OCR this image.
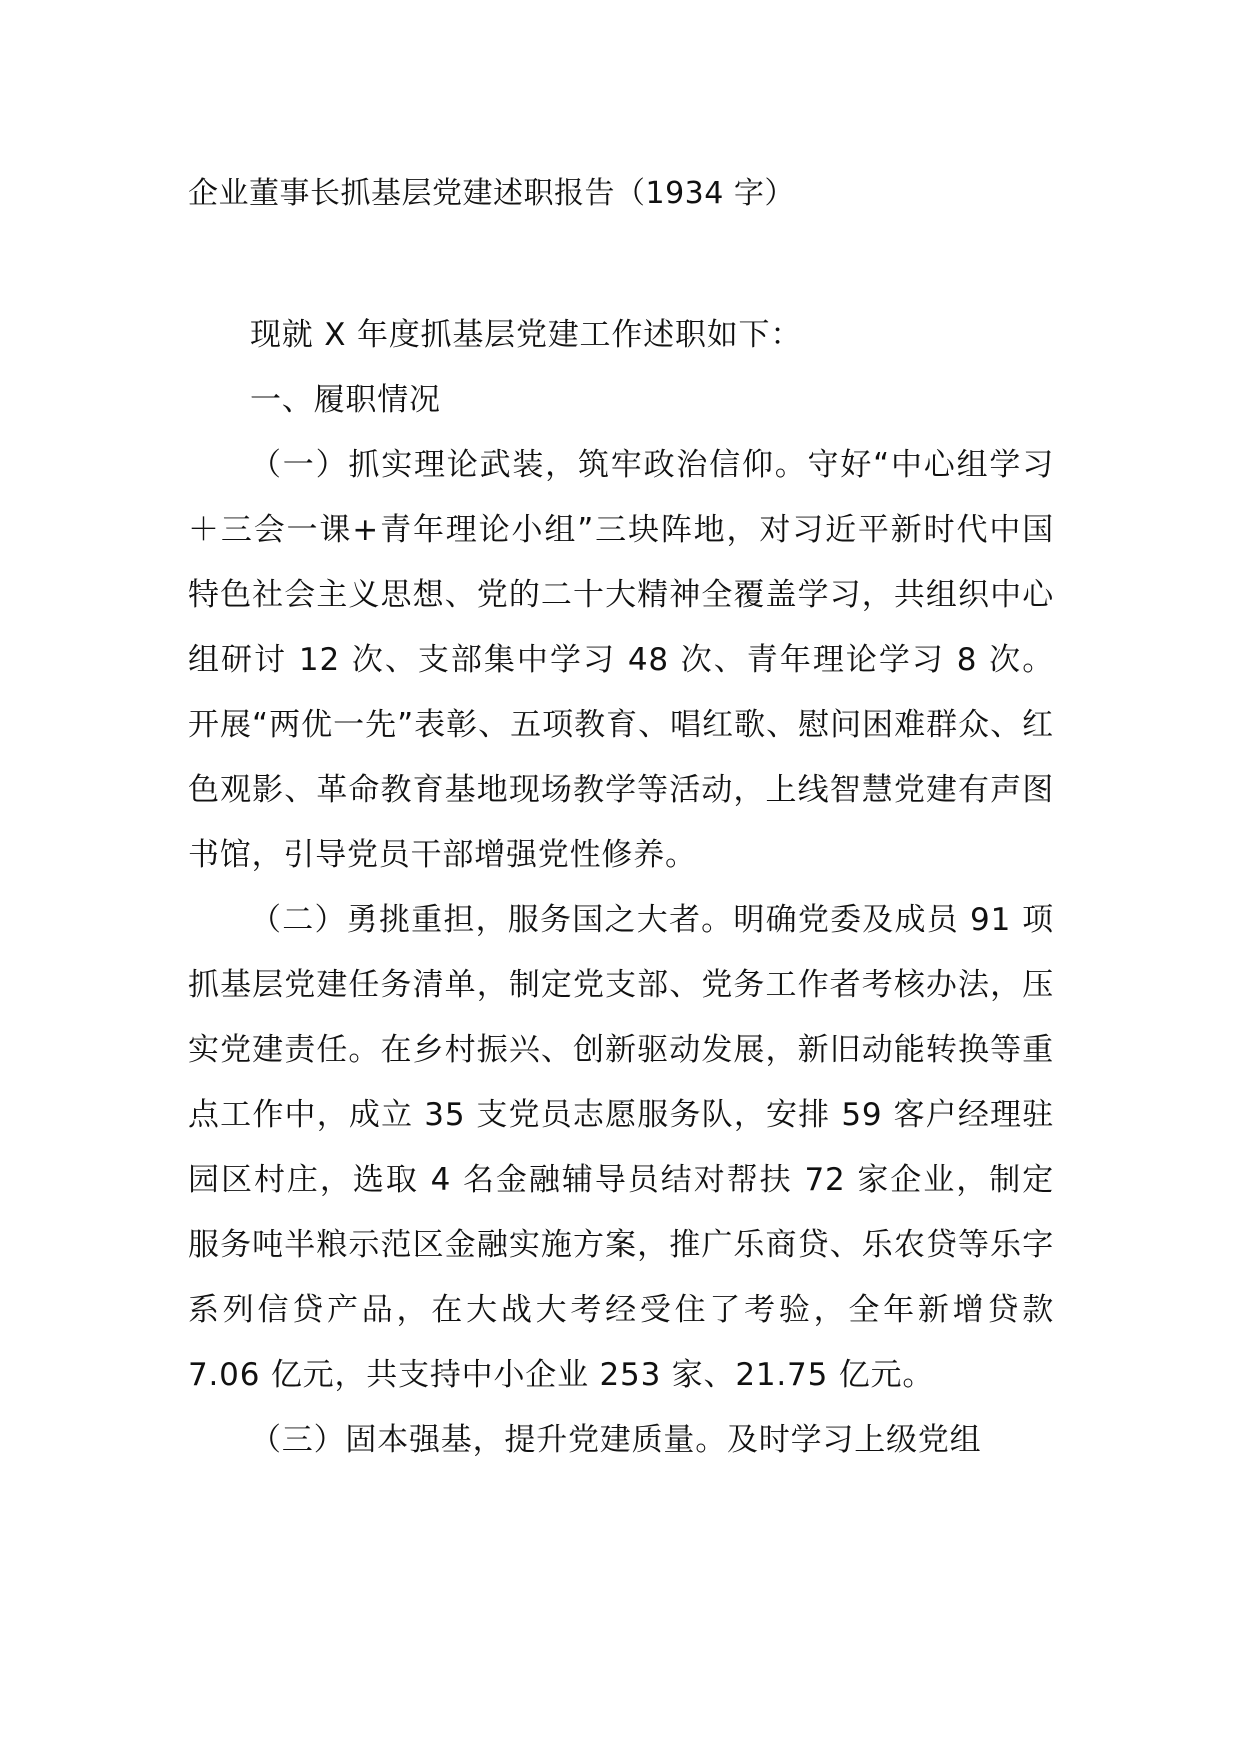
企业董事长抓基层党建述职报告（1934 字）

现就 X 年度抓基层党建工作述职如下：

一、履职情况

（一）抓实理论武装，筑牢政治信仰。守好“中心组学习＋三会一课+青年理论小组”三块阵地，对习近平新时代中国特色社会主义思想、党的二十大精神全覆盖学习，共组织中心组研讨 12 次、支部集中学习 48 次、青年理论学习 8 次。开展“两优一先”表彰、五项教育、唱红歌、慰问困难群众、红色观影、革命教育基地现场教学等活动，上线智慧党建有声图书馆，引导党员干部增强党性修养。

（二）勇挑重担，服务国之大者。明确党委及成员 91 项抓基层党建任务清单，制定党支部、党务工作者考核办法，压实党建责任。在乡村振兴、创新驱动发展，新旧动能转换等重点工作中，成立 35 支党员志愿服务队，安排 59 客户经理驻园区村庄，选取 4 名金融辅导员结对帮扶 72 家企业，制定服务吨半粮示范区金融实施方案，推广乐商贷、乐农贷等乐字系列信贷产品，在大战大考经受住了考验，全年新增贷款 7.06 亿元，共支持中小企业 253 家、21.75 亿元。

（三）固本强基，提升党建质量。及时学习上级党组
